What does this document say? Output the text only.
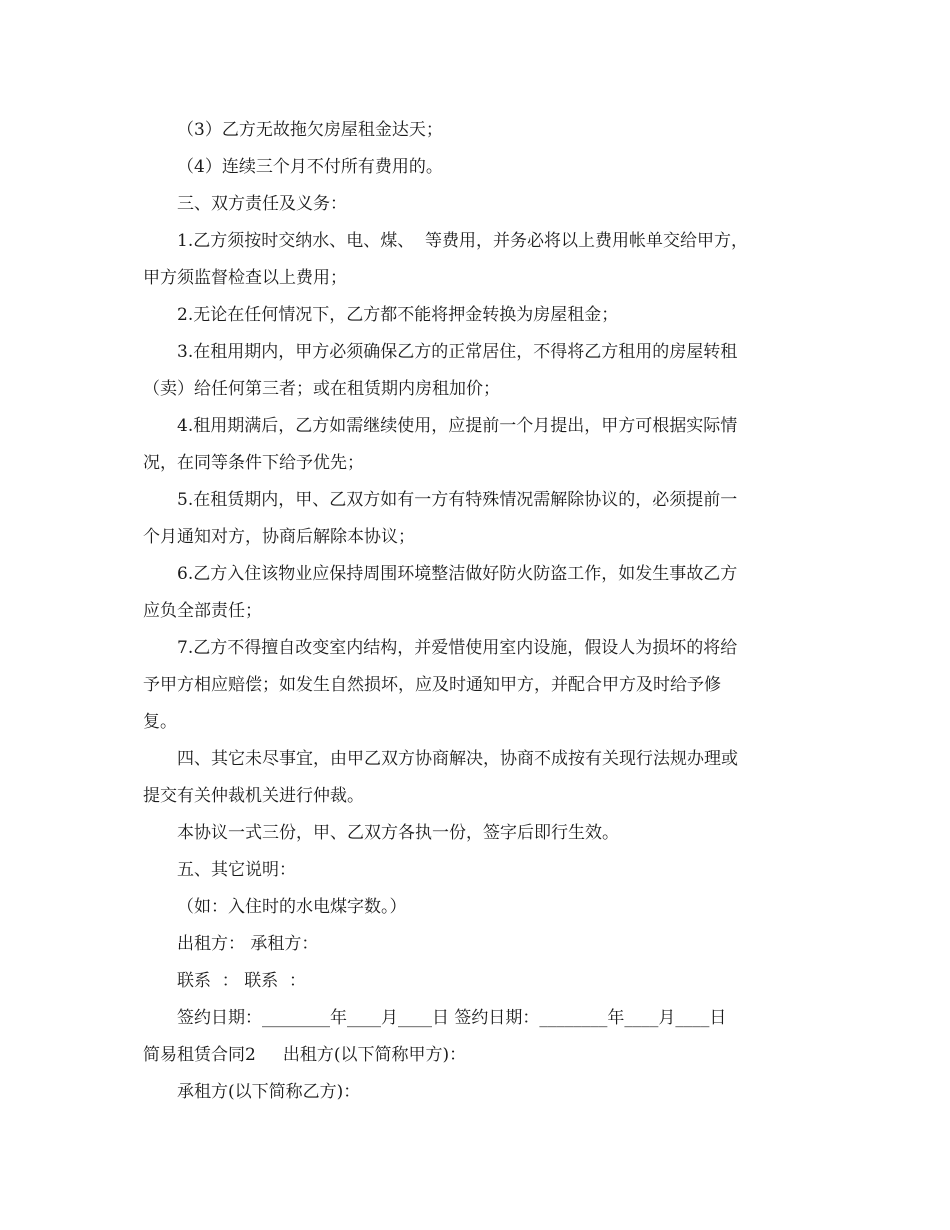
（3）乙方无故拖欠房屋租金达天；
（4）连续三个月不付所有费用的。
三、双方责任及义务：
1.乙方须按时交纳水、电、煤、  等费用，并务必将以上费用帐单交给甲方，
甲方须监督检查以上费用；
2.无论在任何情况下，乙方都不能将押金转换为房屋租金；
3.在租用期内，甲方必须确保乙方的正常居住，不得将乙方租用的房屋转租
（卖）给任何第三者；或在租赁期内房租加价；
4.租用期满后，乙方如需继续使用，应提前一个月提出，甲方可根据实际情
况，在同等条件下给予优先；
5.在租赁期内，甲、乙双方如有一方有特殊情况需解除协议的，必须提前一
个月通知对方，协商后解除本协议；
6.乙方入住该物业应保持周围环境整洁做好防火防盗工作，如发生事故乙方
应负全部责任；
7.乙方不得擅自改变室内结构，并爱惜使用室内设施，假设人为损坏的将给
予甲方相应赔偿；如发生自然损坏，应及时通知甲方，并配合甲方及时给予修
复。
四、其它未尽事宜，由甲乙双方协商解决，协商不成按有关现行法规办理或
提交有关仲裁机关进行仲裁。
本协议一式三份，甲、乙双方各执一份，签字后即行生效。
五、其它说明：
（如：入住时的水电煤字数。）
出租方： 承租方：
联系  ： 联系  ：
签约日期：________年____月____日 签约日期：________年____月____日
简易租赁合同2     出租方(以下简称甲方)：
承租方(以下简称乙方)：
